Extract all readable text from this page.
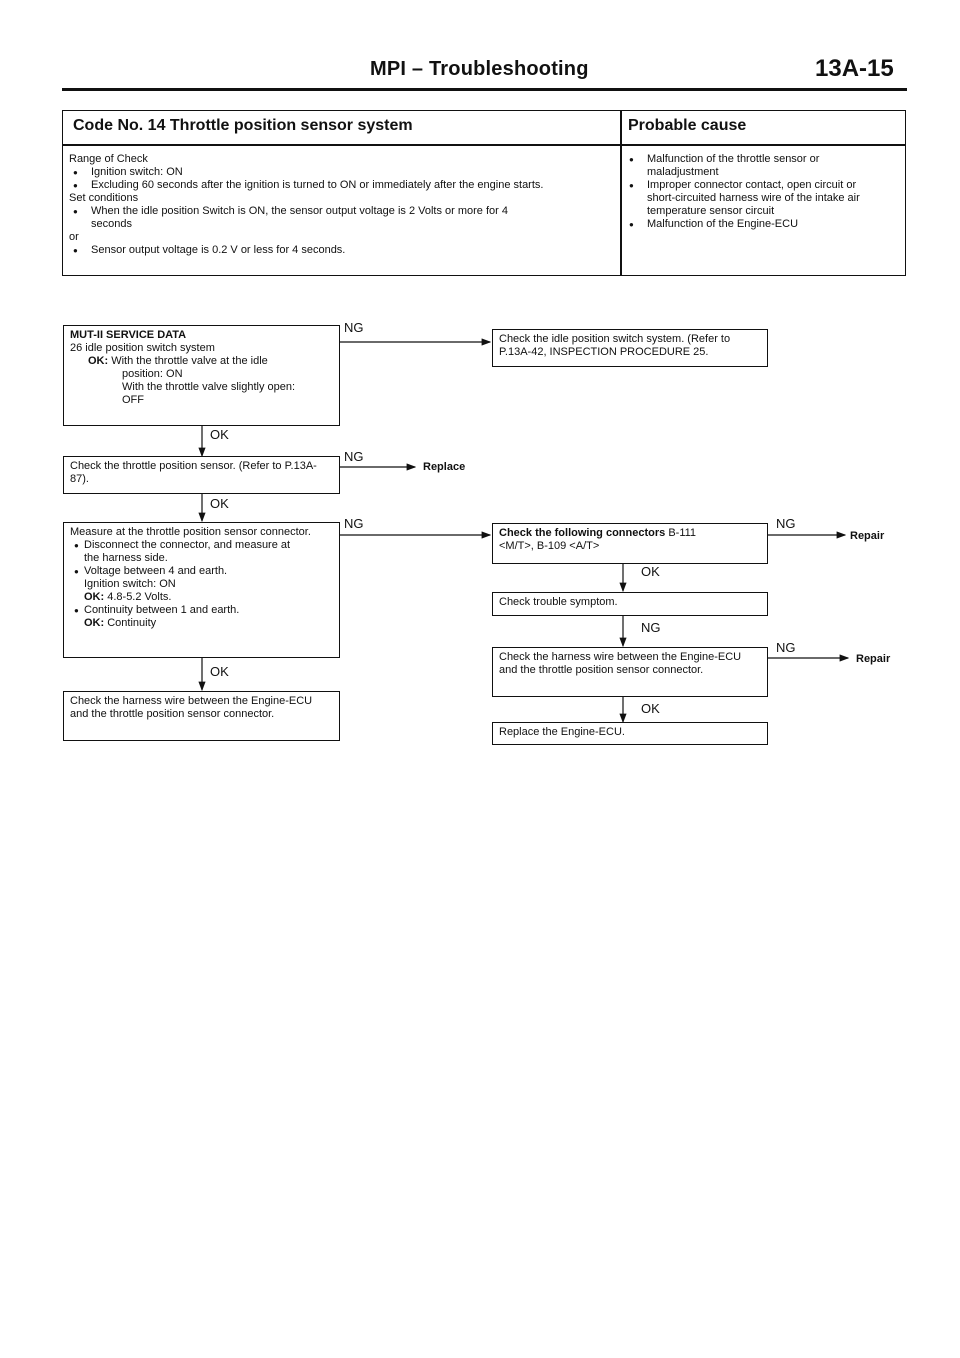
MPI – Troubleshooting	13A-15
Code No. 14 Throttle position sensor system	Probable cause
Range of Check
● Ignition switch: ON
● Excluding 60 seconds after the ignition is turned to ON or immediately after the engine starts.
Set conditions
● When the idle position Switch is ON, the sensor output voltage is 2 Volts or more for 4
seconds
or
● Sensor output voltage is 0.2 V or less for 4 seconds.
● Malfunction of the throttle sensor or
maladjustment
● Improper connector contact, open circuit or
short-circuited harness wire of the intake air
temperature sensor circuit
● Malfunction of the Engine-ECU
MUT-II SERVICE DATA
26 idle position switch system
OK: With the throttle valve at the idle
position: ON
With the throttle valve slightly open:
OFF
NG
Check the idle position switch system. (Refer to P.13A-42, INSPECTION PROCEDURE 25.
OK
Check the throttle position sensor. (Refer to P.13A-87).
NG
Replace
OK
Measure at the throttle position sensor connector.
● Disconnect the connector, and measure at
the harness side.
● Voltage between 4 and earth.
Ignition switch: ON
OK: 4.8-5.2 Volts.
● Continuity between 1 and earth.
OK: Continuity
NG
OK
Check the harness wire between the Engine-ECU and the throttle position sensor connector.
Check the following connectors B-111
<M/T>, B-109 <A/T>
NG
Repair
OK
Check trouble symptom.
NG
Check the harness wire between the Engine-ECU and the throttle position sensor connector.
NG
Repair
OK
Replace the Engine-ECU.
